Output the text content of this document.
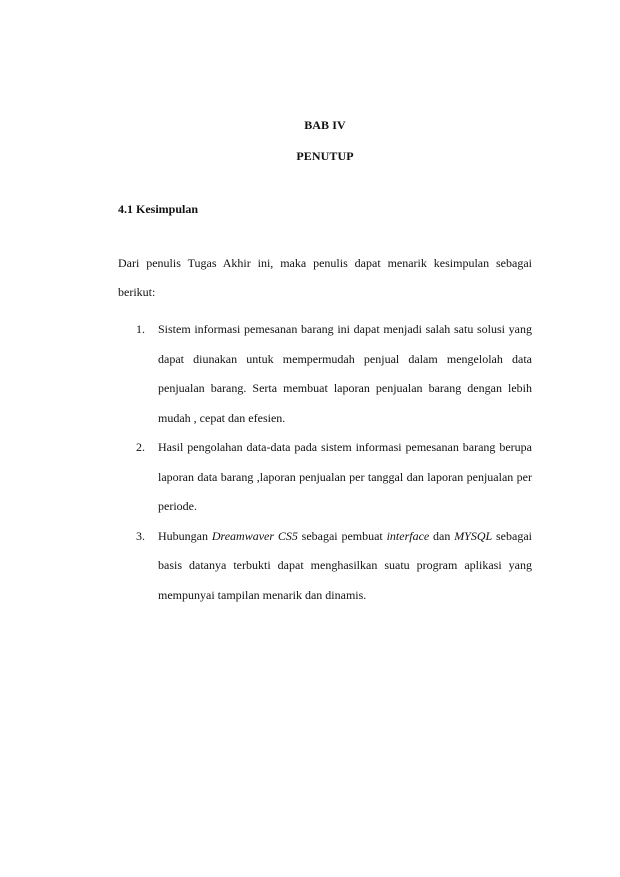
BAB IV
PENUTUP
4.1 Kesimpulan
Dari penulis Tugas Akhir ini, maka penulis dapat menarik kesimpulan sebagai berikut:
1. Sistem informasi pemesanan barang ini dapat menjadi salah satu solusi yang dapat diunakan untuk mempermudah penjual dalam mengelolah data penjualan barang. Serta membuat laporan penjualan barang dengan lebih mudah , cepat dan efesien.
2. Hasil pengolahan data-data pada sistem informasi pemesanan barang berupa laporan data barang ,laporan penjualan per tanggal dan laporan penjualan per periode.
3. Hubungan Dreamwaver CS5 sebagai pembuat interface dan MYSQL sebagai basis datanya terbukti dapat menghasilkan suatu program aplikasi yang mempunyai tampilan menarik dan dinamis.
